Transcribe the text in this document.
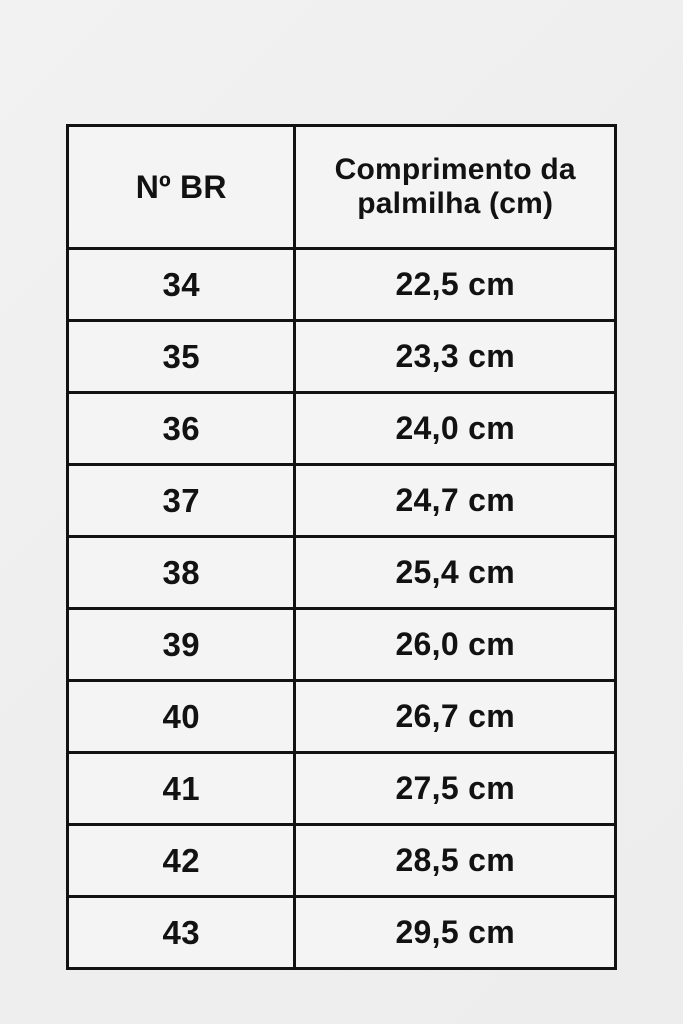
Nº BR	Comprimento da palmilha (cm)
34	22,5 cm
35	23,3 cm
36	24,0 cm
37	24,7 cm
38	25,4 cm
39	26,0 cm
40	26,7 cm
41	27,5 cm
42	28,5 cm
43	29,5 cm
